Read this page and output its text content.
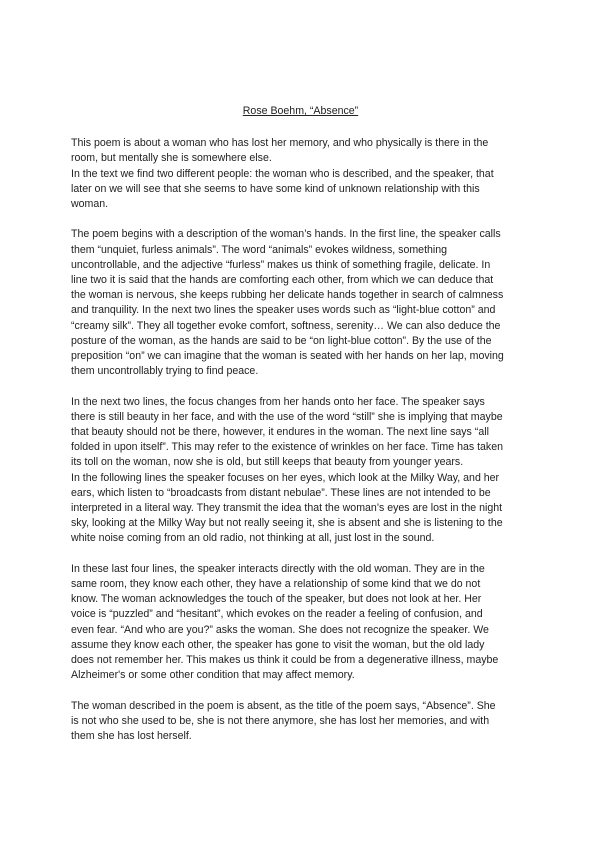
Rose Boehm, “Absence”
This poem is about a woman who has lost her memory, and who physically is there in the
room, but mentally she is somewhere else.
In the text we find two different people: the woman who is described, and the speaker, that
later on we will see that she seems to have some kind of unknown relationship with this
woman.
The poem begins with a description of the woman’s hands. In the first line, the speaker calls
them “unquiet, furless animals”. The word “animals” evokes wildness, something
uncontrollable, and the adjective “furless” makes us think of something fragile, delicate. In
line two it is said that the hands are comforting each other, from which we can deduce that
the woman is nervous, she keeps rubbing her delicate hands together in search of calmness
and tranquility. In the next two lines the speaker uses words such as “light-blue cotton” and
“creamy silk”. They all together evoke comfort, softness, serenity… We can also deduce the
posture of the woman, as the hands are said to be “on light-blue cotton”. By the use of the
preposition “on” we can imagine that the woman is seated with her hands on her lap, moving
them uncontrollably trying to find peace.
In the next two lines, the focus changes from her hands onto her face. The speaker says
there is still beauty in her face, and with the use of the word “still” she is implying that maybe
that beauty should not be there, however, it endures in the woman. The next line says “all
folded in upon itself”. This may refer to the existence of wrinkles on her face. Time has taken
its toll on the woman, now she is old, but still keeps that beauty from younger years.
In the following lines the speaker focuses on her eyes, which look at the Milky Way, and her
ears, which listen to “broadcasts from distant nebulae”. These lines are not intended to be
interpreted in a literal way. They transmit the idea that the woman’s eyes are lost in the night
sky, looking at the Milky Way but not really seeing it, she is absent and she is listening to the
white noise coming from an old radio, not thinking at all, just lost in the sound.
In these last four lines, the speaker interacts directly with the old woman. They are in the
same room, they know each other, they have a relationship of some kind that we do not
know. The woman acknowledges the touch of the speaker, but does not look at her. Her
voice is “puzzled” and “hesitant”, which evokes on the reader a feeling of confusion, and
even fear. “And who are you?” asks the woman. She does not recognize the speaker. We
assume they know each other, the speaker has gone to visit the woman, but the old lady
does not remember her. This makes us think it could be from a degenerative illness, maybe
Alzheimer's or some other condition that may affect memory.
The woman described in the poem is absent, as the title of the poem says, “Absence”. She
is not who she used to be, she is not there anymore, she has lost her memories, and with
them she has lost herself.
